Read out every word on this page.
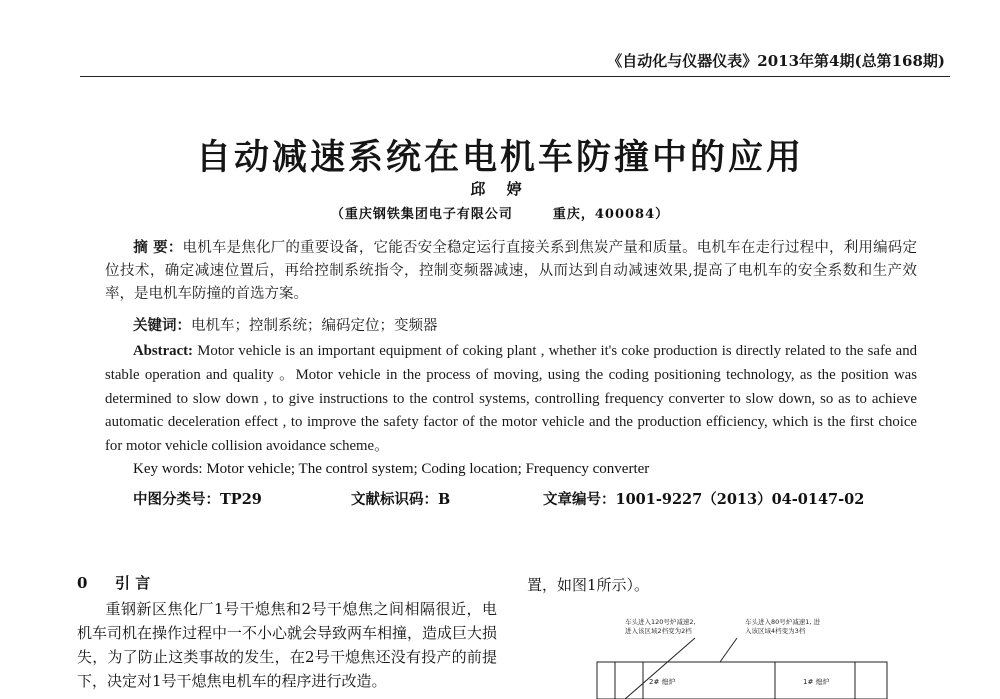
《自动化与仪器仪表》2013年第4期(总第168期)
自动减速系统在电机车防撞中的应用
邱 婷
（重庆钢铁集团电子有限公司	重庆，400084）
摘 要：电机车是焦化厂的重要设备，它能否安全稳定运行直接关系到焦炭产量和质量。电机车在走行过程中，利用编码定位技术，确定减速位置后，再给控制系统指令，控制变频器减速，从而达到自动减速效果,提高了电机车的安全系数和生产效率，是电机车防撞的首选方案。
关键词：电机车；控制系统；编码定位；变频器
Abstract: Motor vehicle is an important equipment of coking plant , whether it's coke production is directly related to the safe and stable operation and quality 。Motor vehicle in the process of moving, using the coding positioning technology, as the position was determined to slow down , to give instructions to the control systems, controlling frequency converter to slow down, so as to achieve automatic deceleration effect , to improve the safety factor of the motor vehicle and the production efficiency, which is the first choice for motor vehicle collision avoidance scheme。
Key words: Motor vehicle; The control system; Coding location; Frequency converter
中图分类号：TP29	文献标识码：B	文章编号：1001-9227（2013）04-0147-02
0 引 言
重钢新区焦化厂1号干熄焦和2号干熄焦之间相隔很近，电机车司机在操作过程中一不小心就会导致两车相撞，造成巨大损失，为了防止这类事故的发生，在2号干熄焦还没有投产的前提下，决定对1号干熄焦电机车的程序进行改造。
置，如图1所示）。
车头进入120号炉减速2,
进入该区域2档变为2档
车头进入80号炉减速1, 进
入该区域4档变为3档
2# 熄炉	1# 熄炉
